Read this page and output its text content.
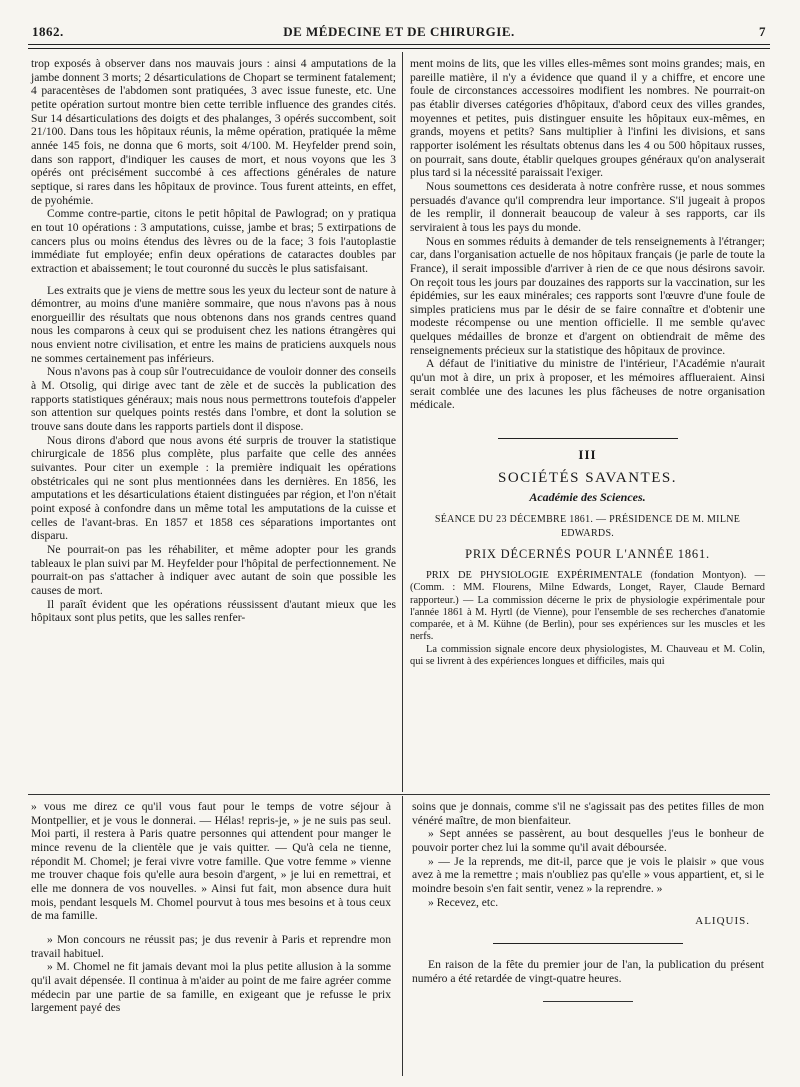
1862.	DE MÉDECINE ET DE CHIRURGIE.	7

trop exposés à observer dans nos mauvais jours : ainsi 4 amputations de la jambe donnent 3 morts; 2 désarticulations de Chopart se terminent fatalement; 4 paracentèses de l'abdomen sont pratiquées, 3 avec issue funeste, etc. Une petite opération surtout montre bien cette terrible influence des grandes cités. Sur 14 désarticulations des doigts et des phalanges, 3 opérés succombent, soit 21/100. Dans tous les hôpitaux réunis, la même opération, pratiquée la même année 145 fois, ne donna que 6 morts, soit 4/100. M. Heyfelder prend soin, dans son rapport, d'indiquer les causes de mort, et nous voyons que les 3 opérés ont précisément succombé à ces affections générales de nature septique, si rares dans les hôpitaux de province. Tous furent atteints, en effet, de pyohémie.

Comme contre-partie, citons le petit hôpital de Pawlograd; on y pratiqua en tout 10 opérations : 3 amputations, cuisse, jambe et bras; 5 extirpations de cancers plus ou moins étendus des lèvres ou de la face; 3 fois l'autoplastie immédiate fut employée; enfin deux opérations de cataractes doubles par extraction et abaissement; le tout couronné du succès le plus satisfaisant.

Les extraits que je viens de mettre sous les yeux du lecteur sont de nature à démontrer, au moins d'une manière sommaire, que nous n'avons pas à nous enorgueillir des résultats que nous obtenons dans nos grands centres quand nous les comparons à ceux qui se produisent chez les nations étrangères qui nous envient notre civilisation, et entre les mains de praticiens auxquels nous ne sommes certainement pas inférieurs.

Nous n'avons pas à coup sûr l'outrecuidance de vouloir donner des conseils à M. Otsolig, qui dirige avec tant de zèle et de succès la publication des rapports statistiques généraux; mais nous nous permettrons toutefois d'appeler son attention sur quelques points restés dans l'ombre, et dont la solution se trouve sans doute dans les rapports partiels dont il dispose.

Nous dirons d'abord que nous avons été surpris de trouver la statistique chirurgicale de 1856 plus complète, plus parfaite que celle des années suivantes. Pour citer un exemple : la première indiquait les opérations obstétricales qui ne sont plus mentionnées dans les dernières. En 1856, les amputations et les désarticulations étaient distinguées par région, et l'on n'était point exposé à confondre dans un même total les amputations de la cuisse et celles de l'avant-bras. En 1857 et 1858 ces séparations importantes ont disparu.

Ne pourrait-on pas les réhabiliter, et même adopter pour les grands tableaux le plan suivi par M. Heyfelder pour l'hôpital de perfectionnement. Ne pourrait-on pas s'attacher à indiquer avec autant de soin que possible les causes de mort.

Il paraît évident que les opérations réussissent d'autant mieux que les hôpitaux sont plus petits, que les salles renfer-

ment moins de lits, que les villes elles-mêmes sont moins grandes; mais, en pareille matière, il n'y a évidence que quand il y a chiffre, et encore une foule de circonstances accessoires modifient les nombres. Ne pourrait-on pas établir diverses catégories d'hôpitaux, d'abord ceux des villes grandes, moyennes et petites, puis distinguer ensuite les hôpitaux eux-mêmes, en grands, moyens et petits? Sans multiplier à l'infini les divisions, et sans rapporter isolément les résultats obtenus dans les 4 ou 500 hôpitaux russes, on pourrait, sans doute, établir quelques groupes généraux qu'on analyserait plus tard si la nécessité paraissait l'exiger.

Nous soumettons ces desiderata à notre confrère russe, et nous sommes persuadés d'avance qu'il comprendra leur importance. S'il jugeait à propos de les remplir, il donnerait beaucoup de valeur à ses rapports, car ils serviraient à tous les pays du monde.

Nous en sommes réduits à demander de tels renseignements à l'étranger; car, dans l'organisation actuelle de nos hôpitaux français (je parle de toute la France), il serait impossible d'arriver à rien de ce que nous désirons savoir. On reçoit tous les jours par douzaines des rapports sur la vaccination, sur les épidémies, sur les eaux minérales; ces rapports sont l'œuvre d'une foule de simples praticiens mus par le désir de se faire connaître et d'obtenir une modeste récompense ou une mention officielle. Il me semble qu'avec quelques médailles de bronze et d'argent on obtiendrait de même des renseignements précieux sur la statistique des hôpitaux de province.

A défaut de l'initiative du ministre de l'intérieur, l'Académie n'aurait qu'un mot à dire, un prix à proposer, et les mémoires afflueraient. Ainsi serait comblée une des lacunes les plus fâcheuses de notre organisation médicale.

III
SOCIÉTÉS SAVANTES.
Académie des Sciences.
SÉANCE DU 23 DÉCEMBRE 1861. — PRÉSIDENCE DE M. MILNE EDWARDS.
PRIX DÉCERNÉS POUR L'ANNÉE 1861.

PRIX DE PHYSIOLOGIE EXPÉRIMENTALE (fondation Montyon). — (Comm. : MM. Flourens, Milne Edwards, Longet, Rayer, Claude Bernard rapporteur.) — La commission décerne le prix de physiologie expérimentale pour l'année 1861 à M. Hyrtl (de Vienne), pour l'ensemble de ses recherches d'anatomie comparée, et à M. Kühne (de Berlin), pour ses expériences sur les muscles et les nerfs.

La commission signale encore deux physiologistes, M. Chauveau et M. Colin, qui se livrent à des expériences longues et difficiles, mais qui

» vous me direz ce qu'il vous faut pour le temps de votre séjour à Montpellier, et je vous le donnerai. — Hélas! repris-je, » je ne suis pas seul. Moi parti, il restera à Paris quatre personnes qui attendent pour manger le mince revenu de la clientèle que je vais quitter. — Qu'à cela ne tienne, répondit M. Chomel; je ferai vivre votre famille. Que votre femme » vienne me trouver chaque fois qu'elle aura besoin d'argent, » je lui en remettrai, et elle me donnera de vos nouvelles. » Ainsi fut fait, mon absence dura huit mois, pendant lesquels M. Chomel pourvut à tous mes besoins et à tous ceux de ma famille.

» Mon concours ne réussit pas; je dus revenir à Paris et reprendre mon travail habituel.

» M. Chomel ne fit jamais devant moi la plus petite allusion à la somme qu'il avait dépensée. Il continua à m'aider au point de me faire agréer comme médecin par une partie de sa famille, en exigeant que je refusse le prix largement payé des

soins que je donnais, comme s'il ne s'agissait pas des petites filles de mon vénéré maître, de mon bienfaiteur.

» Sept années se passèrent, au bout desquelles j'eus le bonheur de pouvoir porter chez lui la somme qu'il avait déboursée.

» — Je la reprends, me dit-il, parce que je vois le plaisir » que vous avez à me la remettre ; mais n'oubliez pas qu'elle » vous appartient, et, si le moindre besoin s'en fait sentir, venez » la reprendre. »

» Recevez, etc.

ALIQUIS.

En raison de la fête du premier jour de l'an, la publication du présent numéro a été retardée de vingt-quatre heures.
